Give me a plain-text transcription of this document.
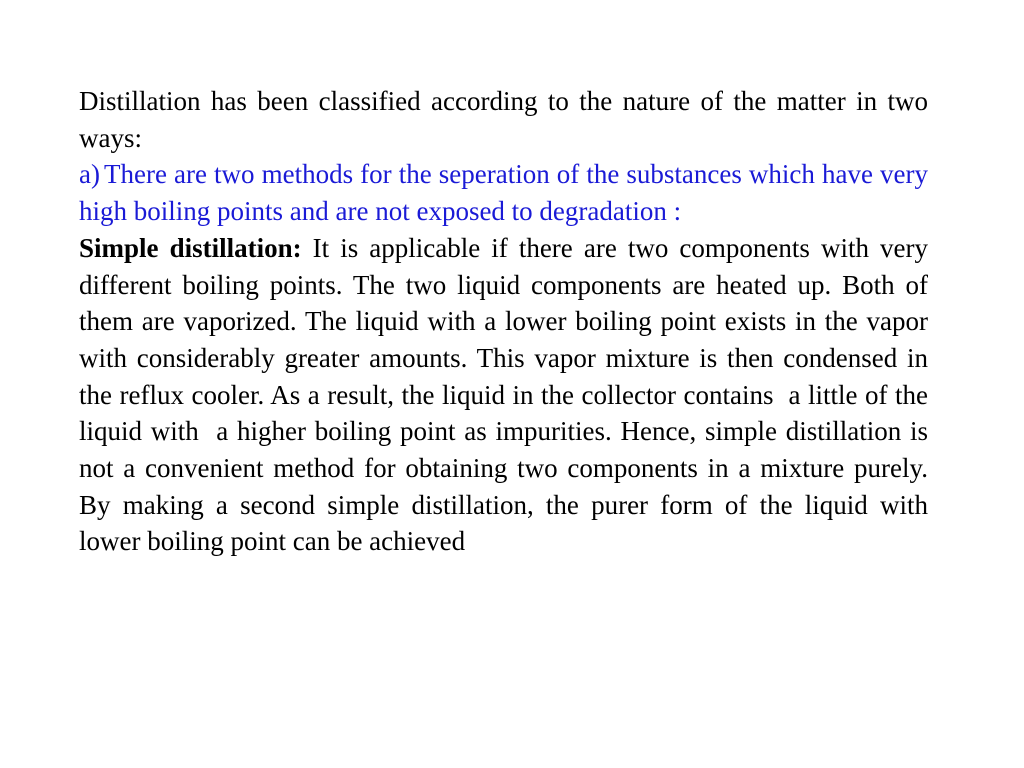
Distillation has been classified according to the nature of the matter in two ways:

a) There are two methods for the seperation of the substances which have very high boiling points and are not exposed to degradation :

Simple distillation: It is applicable if there are two components with very different boiling points. The two liquid components are heated up. Both of them are vaporized. The liquid with a lower boiling point exists in the vapor with considerably greater amounts. This vapor mixture is then condensed in the reflux cooler. As a result, the liquid in the collector contains  a little of the liquid with  a higher boiling point as impurities. Hence, simple distillation is not a convenient method for obtaining two components in a mixture purely. By making a second simple distillation, the purer form of the liquid with lower boiling point can be achieved
